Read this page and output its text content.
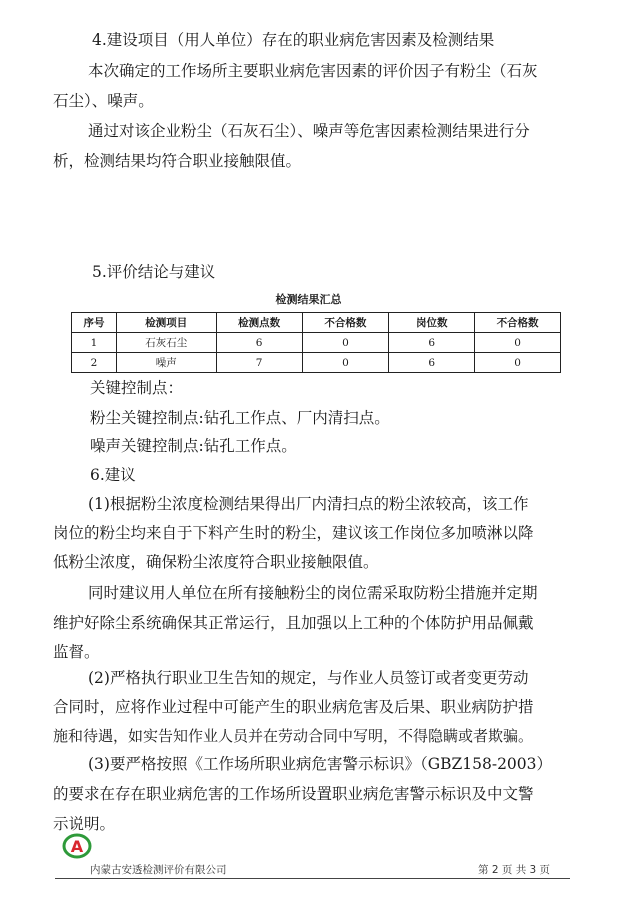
4.建设项目（用人单位）存在的职业病危害因素及检测结果
本次确定的工作场所主要职业病危害因素的评价因子有粉尘（石灰
石尘）、噪声。
通过对该企业粉尘（石灰石尘）、噪声等危害因素检测结果进行分
析，检测结果均符合职业接触限值。
5.评价结论与建议
检测结果汇总
序号	检测项目	检测点数	不合格数	岗位数	不合格数
1	石灰石尘	6	0	6	0
2	噪声	7	0	6	0
关键控制点：
粉尘关键控制点:钻孔工作点、厂内清扫点。
噪声关键控制点:钻孔工作点。
6.建议
(1)根据粉尘浓度检测结果得出厂内清扫点的粉尘浓较高，该工作
岗位的粉尘均来自于下料产生时的粉尘，建议该工作岗位多加喷淋以降
低粉尘浓度，确保粉尘浓度符合职业接触限值。
同时建议用人单位在所有接触粉尘的岗位需采取防粉尘措施并定期
维护好除尘系统确保其正常运行，且加强以上工种的个体防护用品佩戴
监督。
(2)严格执行职业卫生告知的规定，与作业人员签订或者变更劳动
合同时，应将作业过程中可能产生的职业病危害及后果、职业病防护措
施和待遇，如实告知作业人员并在劳动合同中写明，不得隐瞒或者欺骗。
(3)要严格按照《工作场所职业病危害警示标识》（GBZ158-2003）
的要求在存在职业病危害的工作场所设置职业病危害警示标识及中文警
示说明。
A
内蒙古安透检测评价有限公司	第 2 页 共 3 页
